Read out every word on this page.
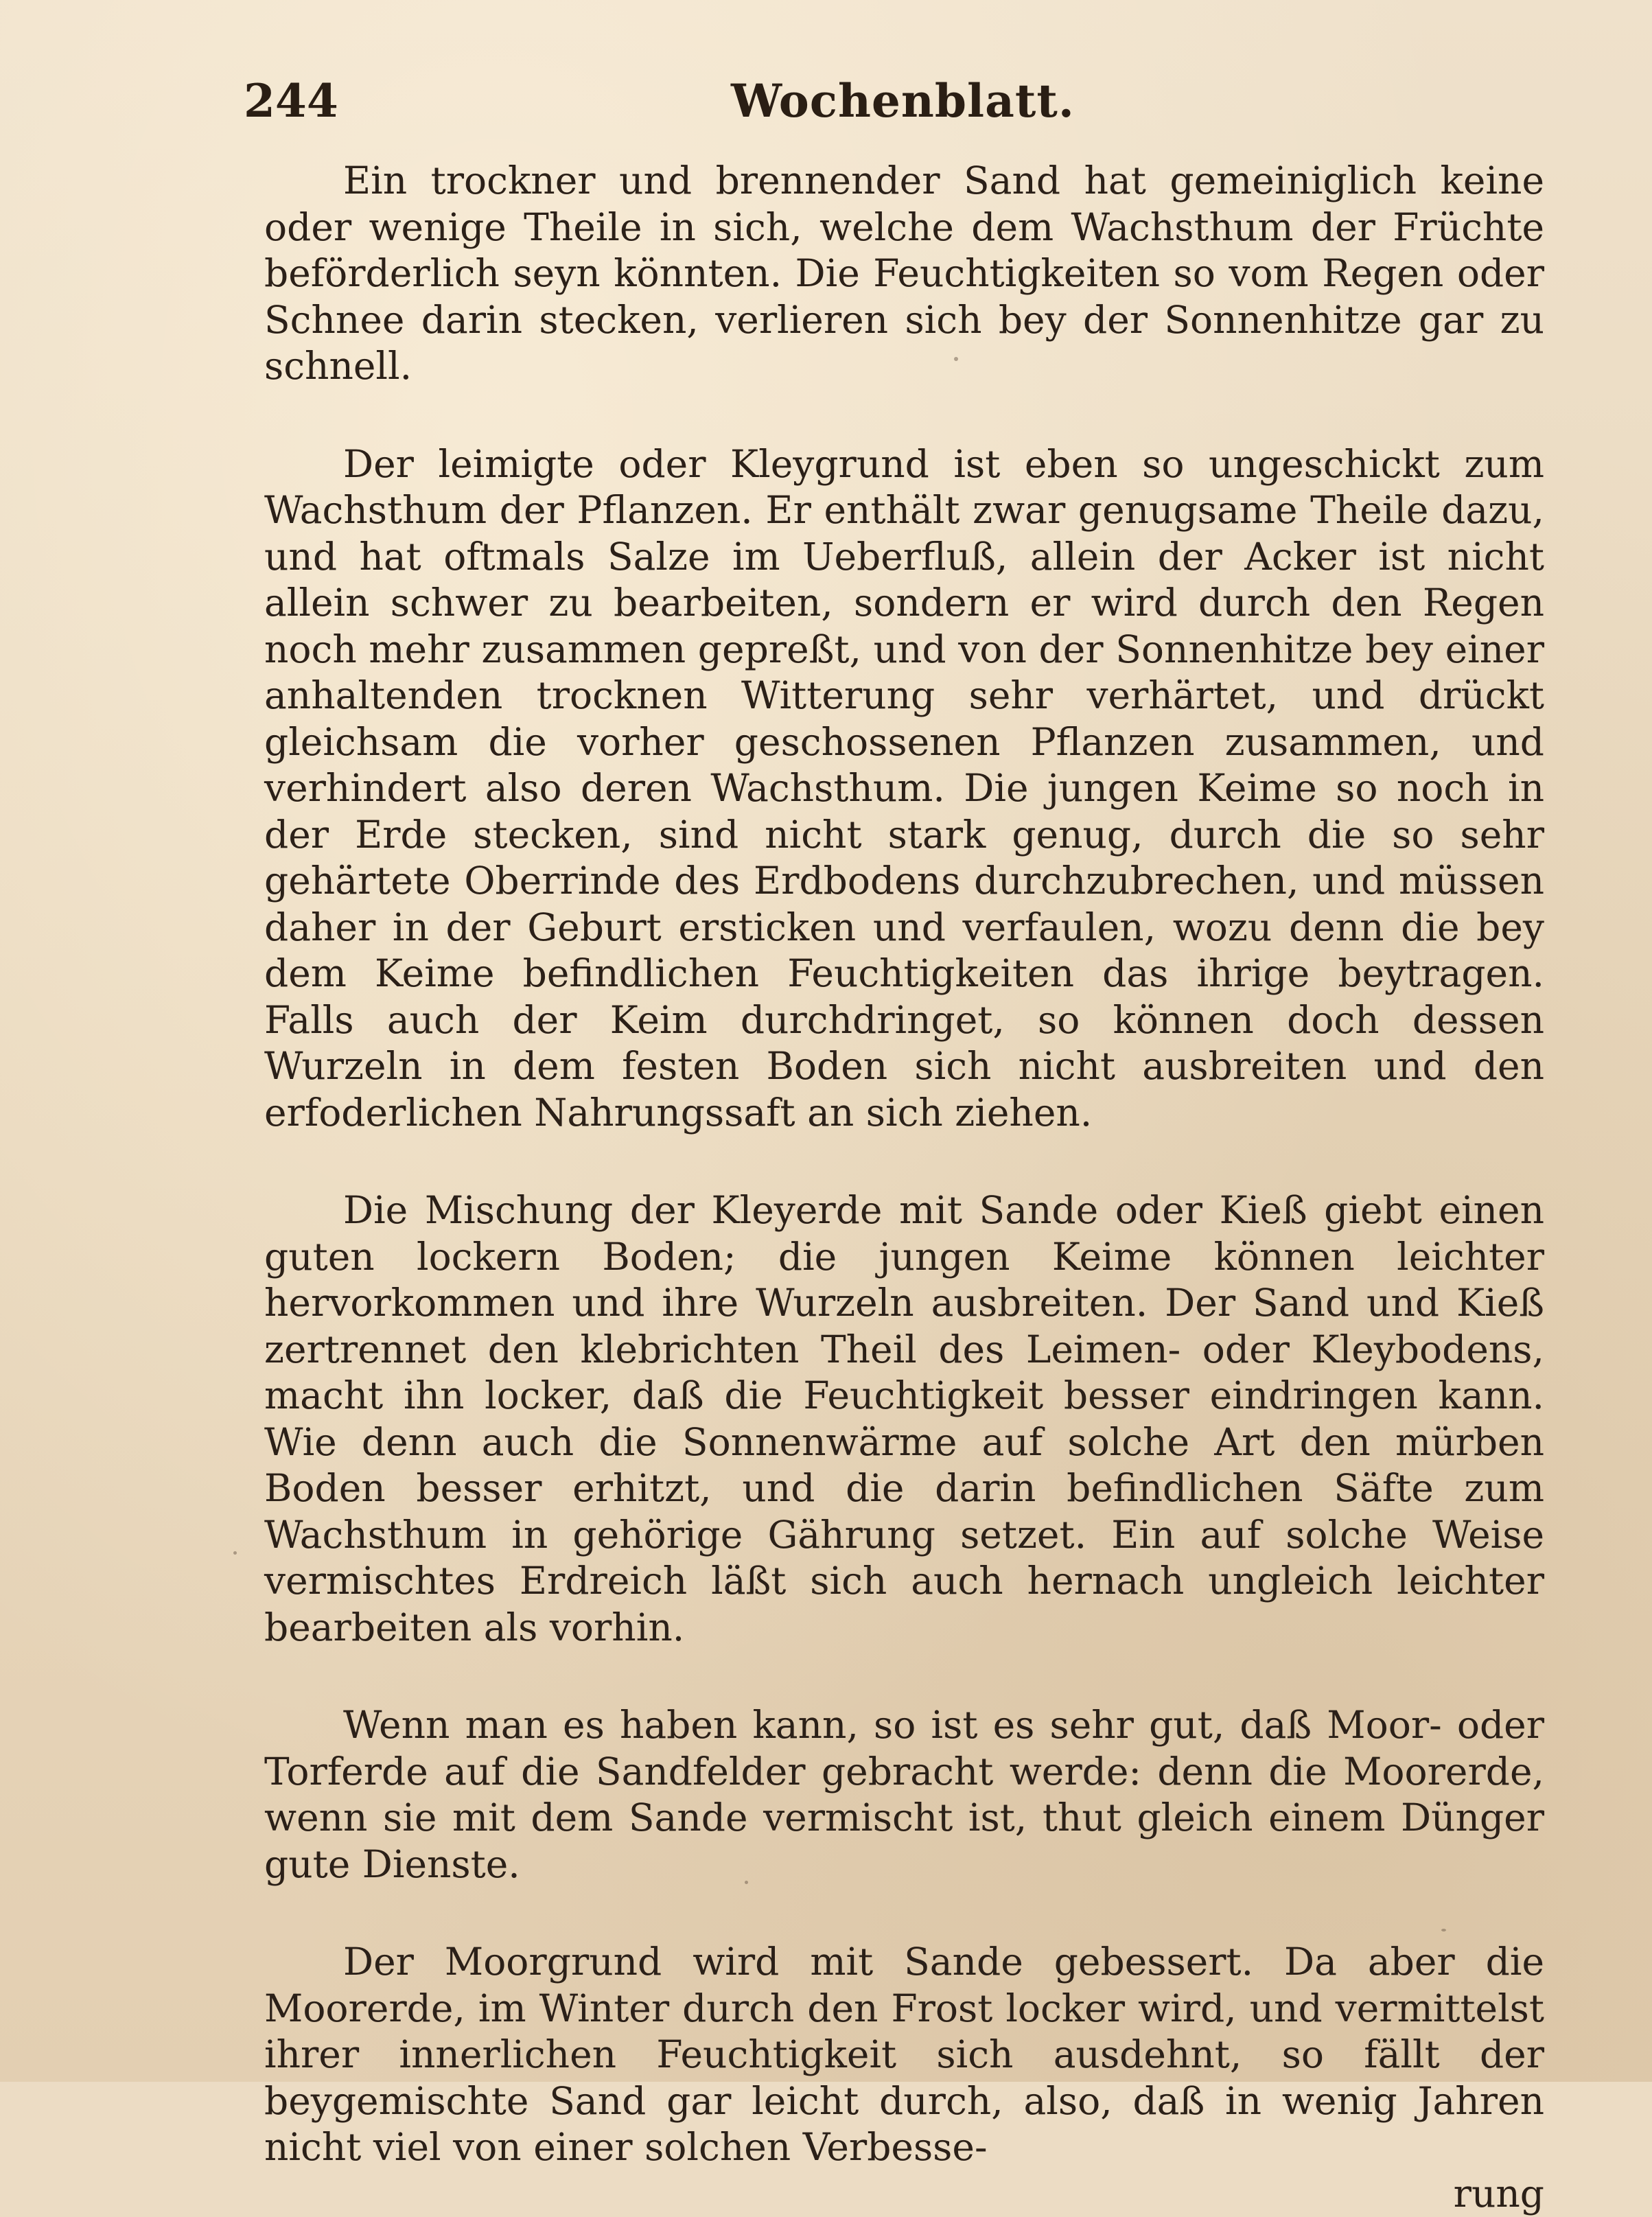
244	Wochenblatt.

Ein trockner und brennender Sand hat gemeiniglich keine oder wenige Theile in sich, welche dem Wachsthum der Früchte beförderlich seyn könnten. Die Feuchtigkeiten so vom Regen oder Schnee darin stecken, verlieren sich bey der Sonnenhitze gar zu schnell.

Der leimigte oder Kleygrund ist eben so ungeschickt zum Wachsthum der Pflanzen. Er enthält zwar genugsame Theile dazu, und hat oftmals Salze im Ueberfluß, allein der Acker ist nicht allein schwer zu bearbeiten, sondern er wird durch den Regen noch mehr zusammen gepreßt, und von der Sonnenhitze bey einer anhaltenden trocknen Witterung sehr verhärtet, und drückt gleichsam die vorher geschossenen Pflanzen zusammen, und verhindert also deren Wachsthum. Die jungen Keime so noch in der Erde stecken, sind nicht stark genug, durch die so sehr gehärtete Oberrinde des Erdbodens durchzubrechen, und müssen daher in der Geburt ersticken und verfaulen, wozu denn die bey dem Keime befindlichen Feuchtigkeiten das ihrige beytragen. Falls auch der Keim durchdringet, so können doch dessen Wurzeln in dem festen Boden sich nicht ausbreiten und den erfoderlichen Nahrungssaft an sich ziehen.

Die Mischung der Kleyerde mit Sande oder Kieß giebt einen guten lockern Boden; die jungen Keime können leichter hervorkommen und ihre Wurzeln ausbreiten. Der Sand und Kieß zertrennet den klebrichten Theil des Leimen- oder Kleybodens, macht ihn locker, daß die Feuchtigkeit besser eindringen kann. Wie denn auch die Sonnenwärme auf solche Art den mürben Boden besser erhitzt, und die darin befindlichen Säfte zum Wachsthum in gehörige Gährung setzet. Ein auf solche Weise vermischtes Erdreich läßt sich auch hernach ungleich leichter bearbeiten als vorhin.

Wenn man es haben kann, so ist es sehr gut, daß Moor- oder Torferde auf die Sandfelder gebracht werde: denn die Moorerde, wenn sie mit dem Sande vermischt ist, thut gleich einem Dünger gute Dienste.

Der Moorgrund wird mit Sande gebessert. Da aber die Moorerde, im Winter durch den Frost locker wird, und vermittelst ihrer innerlichen Feuchtigkeit sich ausdehnt, so fällt der beygemischte Sand gar leicht durch, also, daß in wenig Jahren nicht viel von einer solchen Verbesse-

rung
